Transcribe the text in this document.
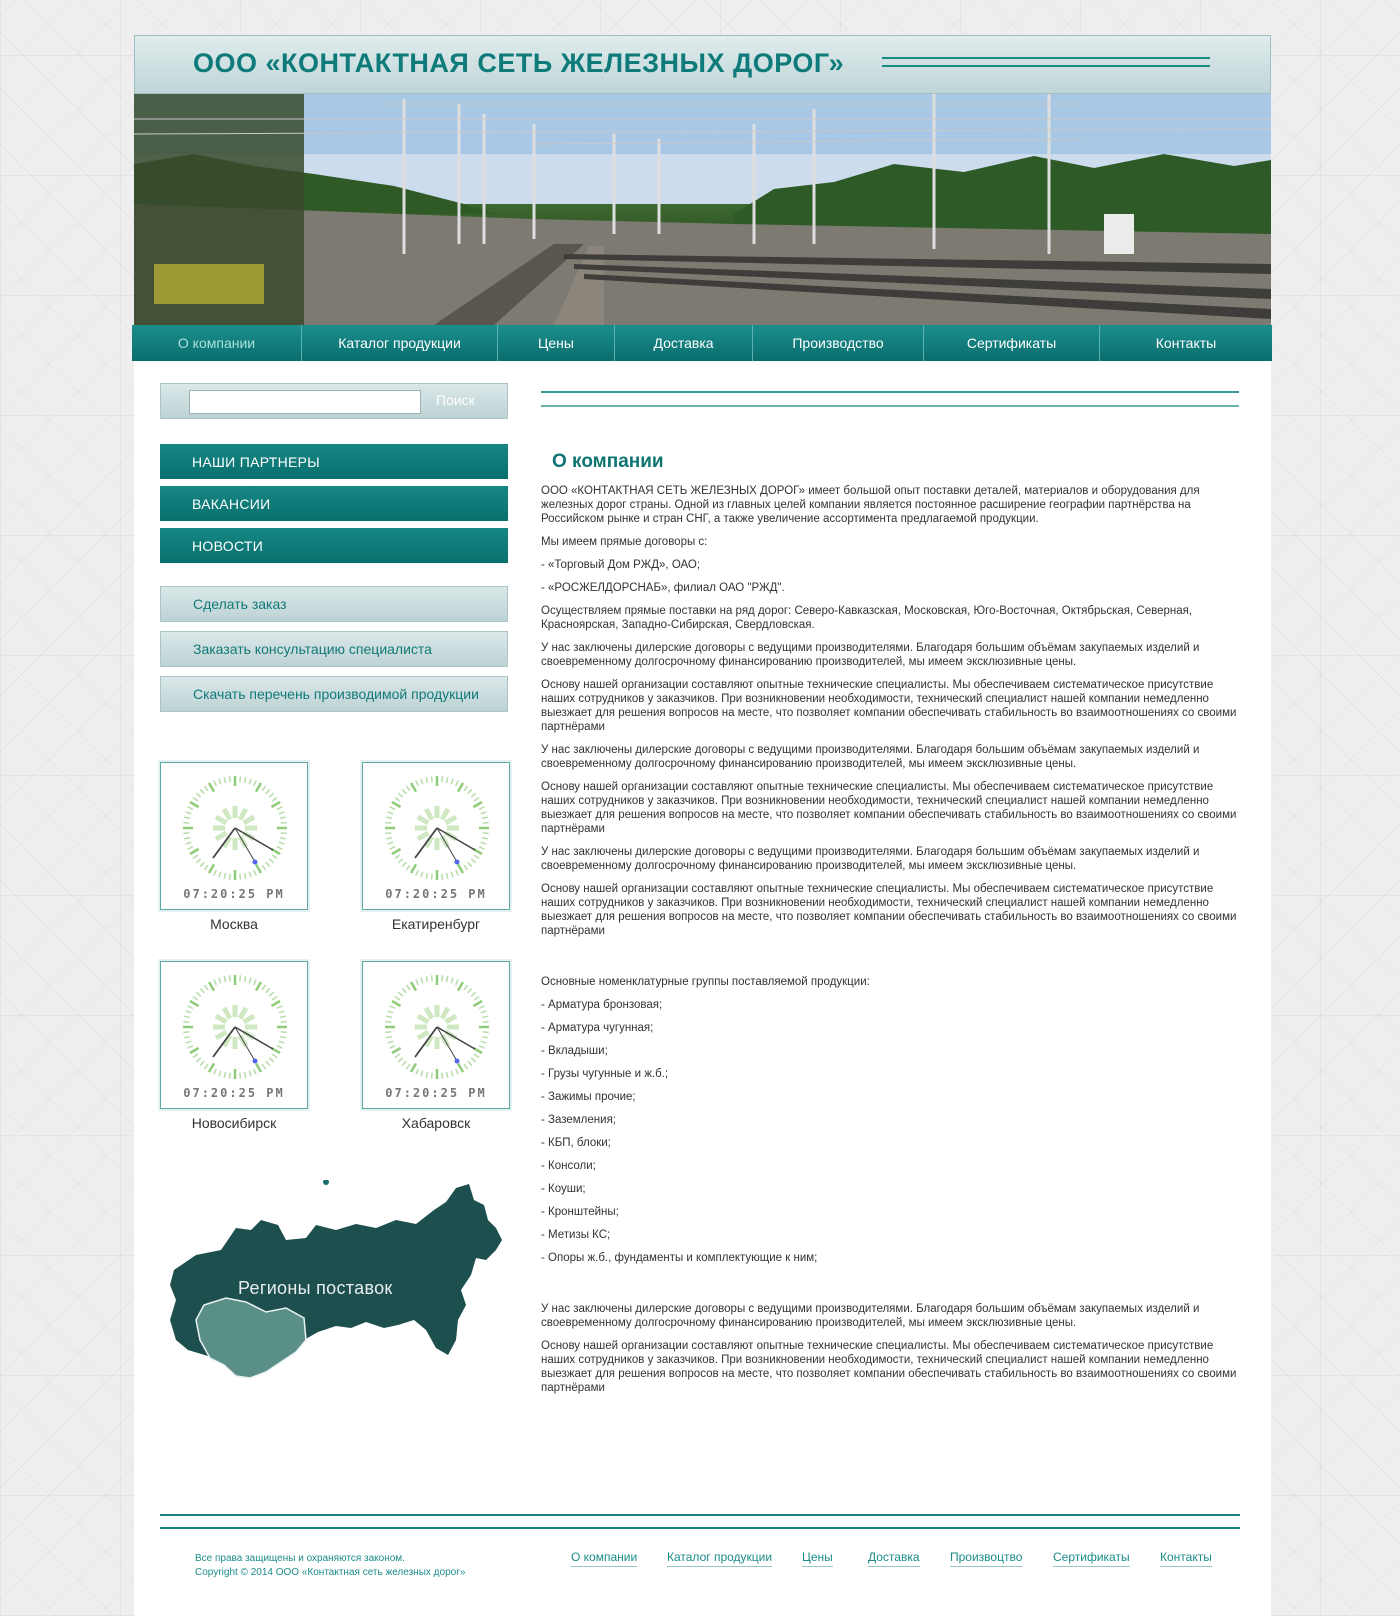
ООО «КОНТАКТНАЯ СЕТЬ ЖЕЛЕЗНЫХ ДОРОГ»
О компании	Каталог продукции	Цены	Доставка	Производство	Сертификаты	Контакты
Поиск
НАШИ ПАРТНЕРЫ
ВАКАНСИИ
НОВОСТИ
Сделать заказ
Заказать консультацию специалиста
Скачать перечень производимой продукции
07:20:25 PM
Москва
07:20:25 PM
Екатиренбург
07:20:25 PM
Новосибирск
07:20:25 PM
Хабаровск
Регионы поставок
О компании

ООО «КОНТАКТНАЯ СЕТЬ ЖЕЛЕЗНЫХ ДОРОГ» имеет большой опыт поставки деталей, материалов и оборудования для железных дорог страны. Одной из главных целей компании является постоянное расширение географии партнёрства на Российском рынке и стран СНГ, а также увеличение ассортимента предлагаемой продукции.

Мы имеем прямые договоры с:

- «Торговый Дом РЖД», ОАО;

- «РОСЖЕЛДОРСНАБ», филиал ОАО "РЖД".

Осуществляем прямые поставки на ряд дорог: Северо-Кавказская, Московская, Юго-Восточная, Октябрьская, Северная, Красноярская, Западно-Сибирская, Свердловская.

У нас заключены дилерские договоры с ведущими производителями. Благодаря большим объёмам закупаемых изделий и своевременному долгосрочному финансированию производителей, мы имеем эксклюзивные цены.

Основу нашей организации составляют опытные технические специалисты. Мы обеспечиваем систематическое присутствие наших сотрудников у заказчиков. При возникновении необходимости, технический специалист нашей компании немедленно выезжает для решения вопросов на месте, что позволяет компании обеспечивать стабильность во взаимоотношениях со своими партнёрами

У нас заключены дилерские договоры с ведущими производителями. Благодаря большим объёмам закупаемых изделий и своевременному долгосрочному финансированию производителей, мы имеем эксклюзивные цены.

Основу нашей организации составляют опытные технические специалисты. Мы обеспечиваем систематическое присутствие наших сотрудников у заказчиков. При возникновении необходимости, технический специалист нашей компании немедленно выезжает для решения вопросов на месте, что позволяет компании обеспечивать стабильность во взаимоотношениях со своими партнёрами

У нас заключены дилерские договоры с ведущими производителями. Благодаря большим объёмам закупаемых изделий и своевременному долгосрочному финансированию производителей, мы имеем эксклюзивные цены.

Основу нашей организации составляют опытные технические специалисты. Мы обеспечиваем систематическое присутствие наших сотрудников у заказчиков. При возникновении необходимости, технический специалист нашей компании немедленно выезжает для решения вопросов на месте, что позволяет компании обеспечивать стабильность во взаимоотношениях со своими партнёрами

Основные номенклатурные группы поставляемой продукции:

- Арматура бронзовая;

- Арматура чугунная;

- Вкладыши;

- Грузы чугунные и ж.б.;

- Зажимы прочие;

- Заземления;

- КБП, блоки;

- Консоли;

- Коуши;

- Кронштейны;

- Метизы КС;

- Опоры ж.б., фундаменты и комплектующие к ним;

У нас заключены дилерские договоры с ведущими производителями. Благодаря большим объёмам закупаемых изделий и своевременному долгосрочному финансированию производителей, мы имеем эксклюзивные цены.

Основу нашей организации составляют опытные технические специалисты. Мы обеспечиваем систематическое присутствие наших сотрудников у заказчиков. При возникновении необходимости, технический специалист нашей компании немедленно выезжает для решения вопросов на месте, что позволяет компании обеспечивать стабильность во взаимоотношениях со своими партнёрами

Все права защищены и охраняются законом.
Copyright © 2014 ООО «Контактная сеть железных дорог»
О компании Каталог продукции Цены	Доставка	Произвоцтво	Сертификаты	Контакты
